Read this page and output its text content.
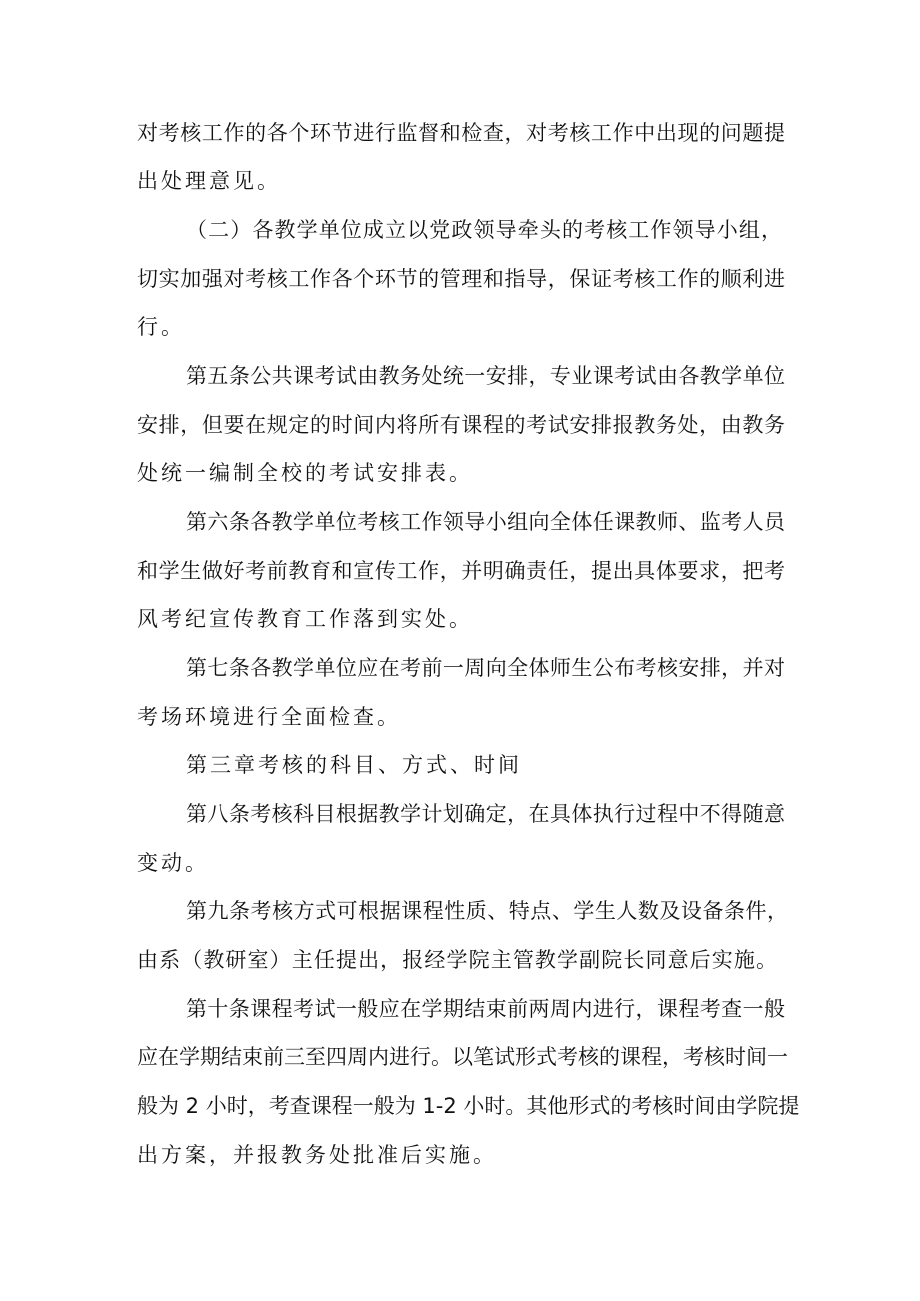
对考核工作的各个环节进行监督和检查，对考核工作中出现的问题提
出处理意见。
（二）各教学单位成立以党政领导牵头的考核工作领导小组，
切实加强对考核工作各个环节的管理和指导，保证考核工作的顺利进
行。
第五条公共课考试由教务处统一安排，专业课考试由各教学单位
安排，但要在规定的时间内将所有课程的考试安排报教务处，由教务
处统一编制全校的考试安排表。
第六条各教学单位考核工作领导小组向全体任课教师、监考人员
和学生做好考前教育和宣传工作，并明确责任，提出具体要求，把考
风考纪宣传教育工作落到实处。
第七条各教学单位应在考前一周向全体师生公布考核安排，并对
考场环境进行全面检查。
第三章考核的科目、方式、时间
第八条考核科目根据教学计划确定，在具体执行过程中不得随意
变动。
第九条考核方式可根据课程性质、特点、学生人数及设备条件，
由系（教研室）主任提出，报经学院主管教学副院长同意后实施。
第十条课程考试一般应在学期结束前两周内进行，课程考查一般
应在学期结束前三至四周内进行。以笔试形式考核的课程，考核时间一
般为 2 小时，考查课程一般为 1-2 小时。其他形式的考核时间由学院提
出方案，并报教务处批准后实施。
